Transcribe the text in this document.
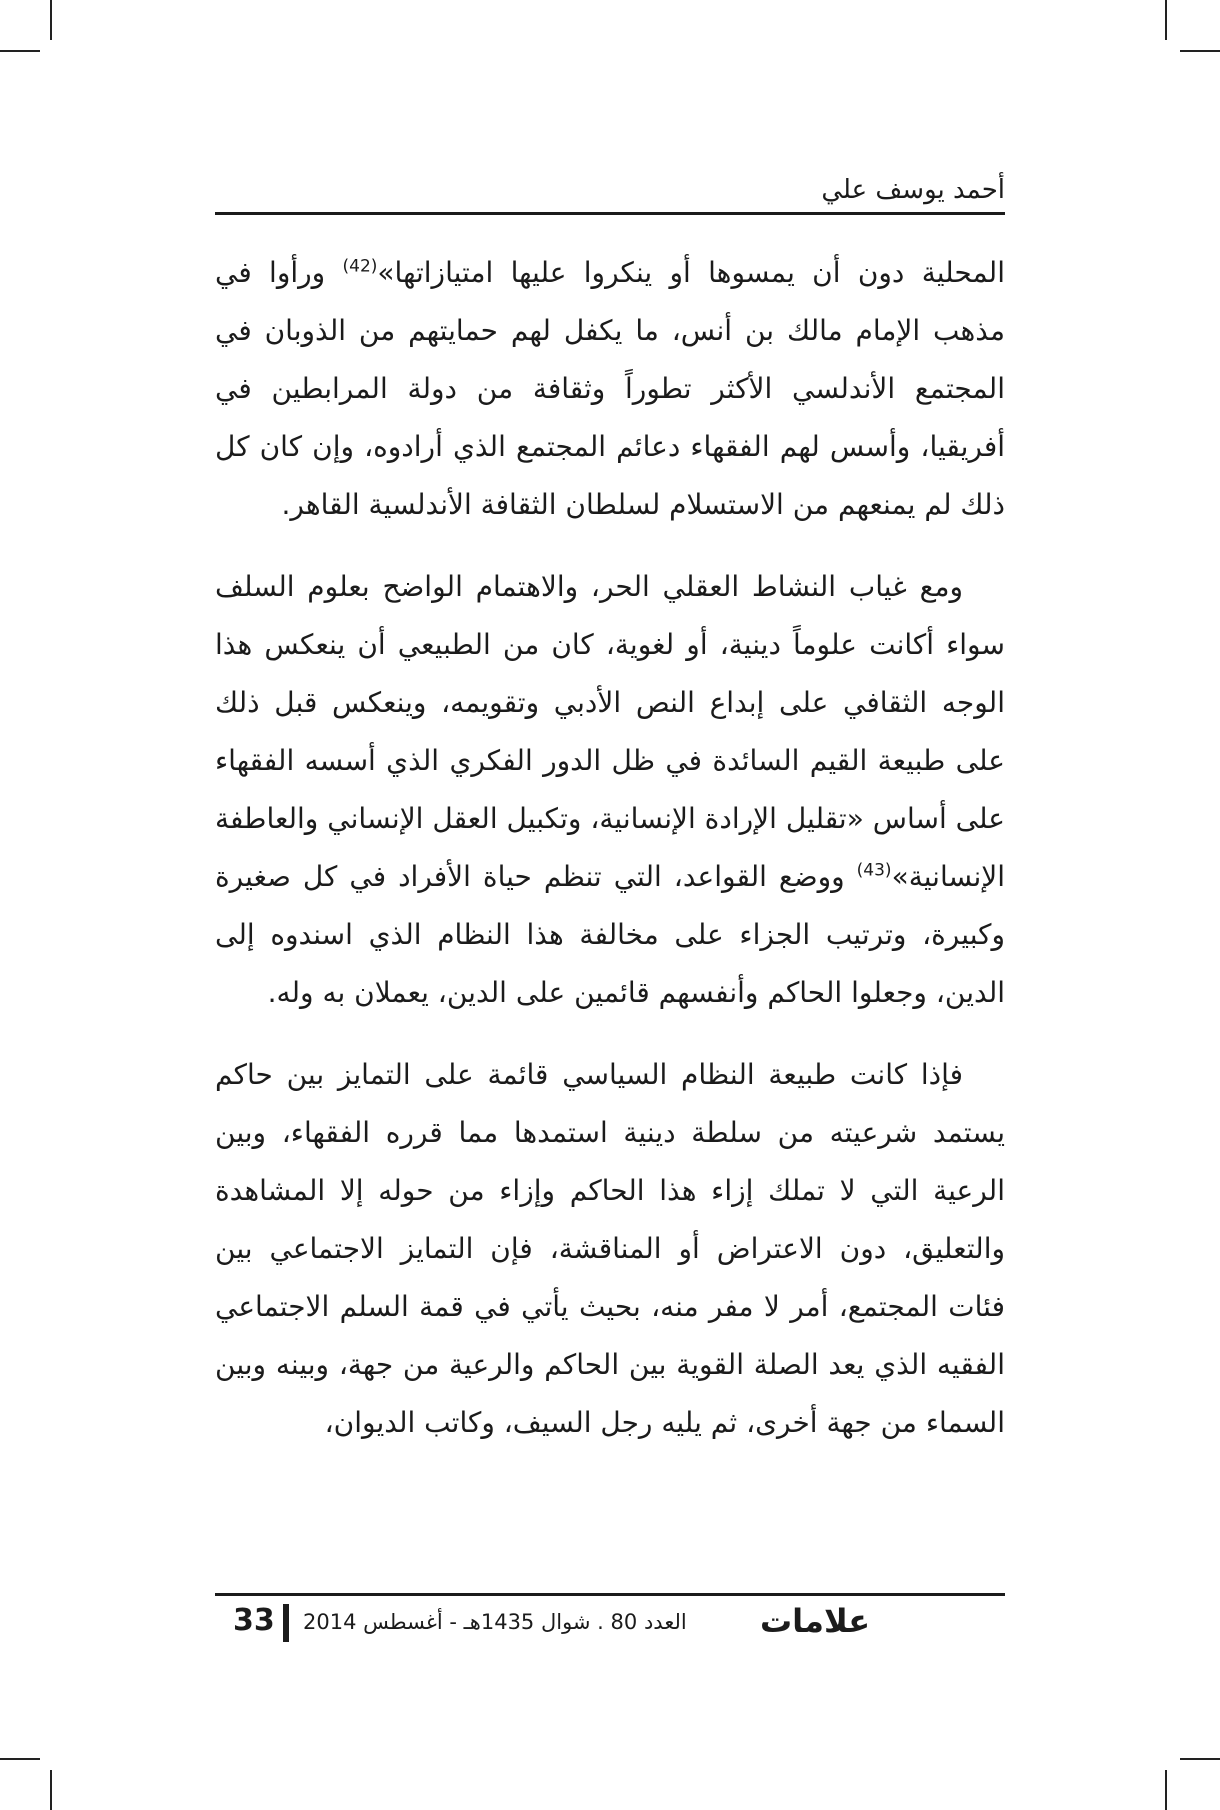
أحمد يوسف علي

المحلية دون أن يمسوها أو ينكروا عليها امتيازاتها»$^{(42)}$ ورأوا في مذهب الإمام مالك بن أنس، ما يكفل لهم حمايتهم من الذوبان في المجتمع الأندلسي الأكثر تطوراً وثقافة من دولة المرابطين في أفريقيا، وأسس لهم الفقهاء دعائم المجتمع الذي أرادوه، وإن كان كل ذلك لم يمنعهم من الاستسلام لسلطان الثقافة الأندلسية القاهر.

ومع غياب النشاط العقلي الحر، والاهتمام الواضح بعلوم السلف سواء أكانت علوماً دينية، أو لغوية، كان من الطبيعي أن ينعكس هذا الوجه الثقافي على إبداع النص الأدبي وتقويمه، وينعكس قبل ذلك على طبيعة القيم السائدة في ظل الدور الفكري الذي أسسه الفقهاء على أساس «تقليل الإرادة الإنسانية، وتكبيل العقل الإنساني والعاطفة الإنسانية»$^{(43)}$ ووضع القواعد، التي تنظم حياة الأفراد في كل صغيرة وكبيرة، وترتيب الجزاء على مخالفة هذا النظام الذي اسندوه إلى الدين، وجعلوا الحاكم وأنفسهم قائمين على الدين، يعملان به وله.

فإذا كانت طبيعة النظام السياسي قائمة على التمايز بين حاكم يستمد شرعيته من سلطة دينية استمدها مما قرره الفقهاء، وبين الرعية التي لا تملك إزاء هذا الحاكم وإزاء من حوله إلا المشاهدة والتعليق، دون الاعتراض أو المناقشة، فإن التمايز الاجتماعي بين فئات المجتمع، أمر لا مفر منه، بحيث يأتي في قمة السلم الاجتماعي الفقيه الذي يعد الصلة القوية بين الحاكم والرعية من جهة، وبينه وبين السماء من جهة أخرى، ثم يليه رجل السيف، وكاتب الديوان،

33 العدد 80 . شوال 1435هـ - أغسطس 2014 علامات
